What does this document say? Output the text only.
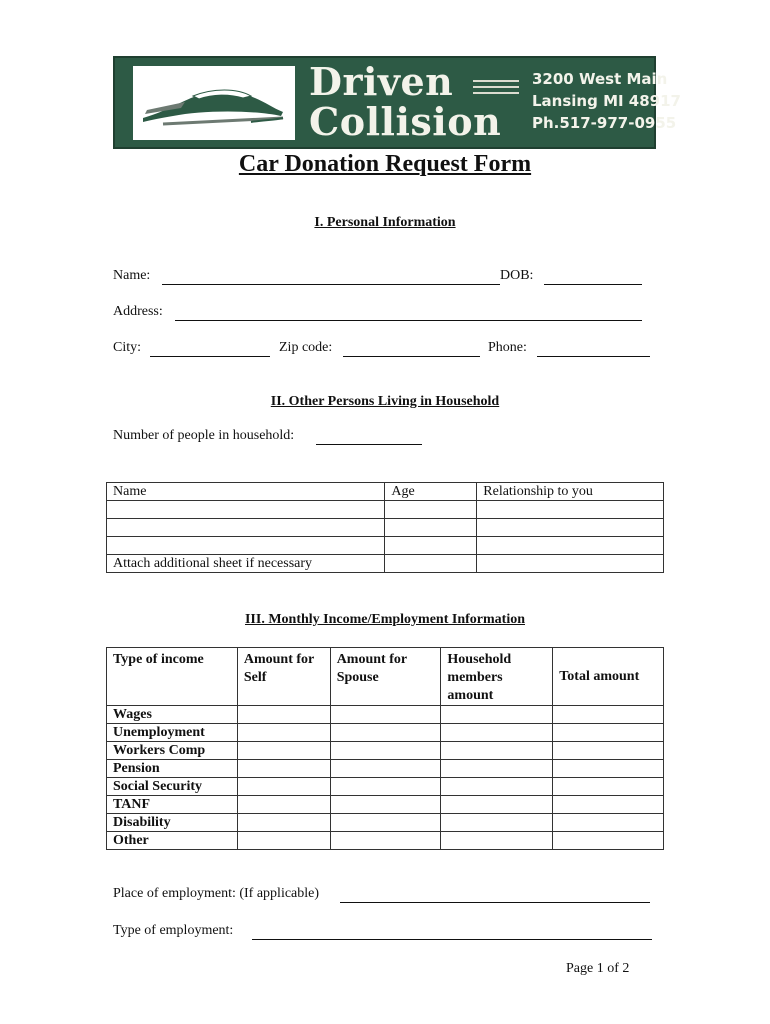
Driven
Collision
3200 West Main
Lansing MI 48917
Ph.517-977-0955
Car Donation Request Form
I. Personal Information
Name:	DOB:
Address:
City:	Zip code:	Phone:
II. Other Persons Living in Household
Number of people in household:
Name	Age	Relationship to you

Attach additional sheet if necessary		
III. Monthly Income/Employment Information
Type of income	Amount for Self	Amount for Spouse	Household members amount	Total amount
Wages				
Unemployment				
Workers Comp				
Pension				
Social Security				
TANF				
Disability				
Other				
Place of employment: (If applicable)
Type of employment:
Page 1 of 2
